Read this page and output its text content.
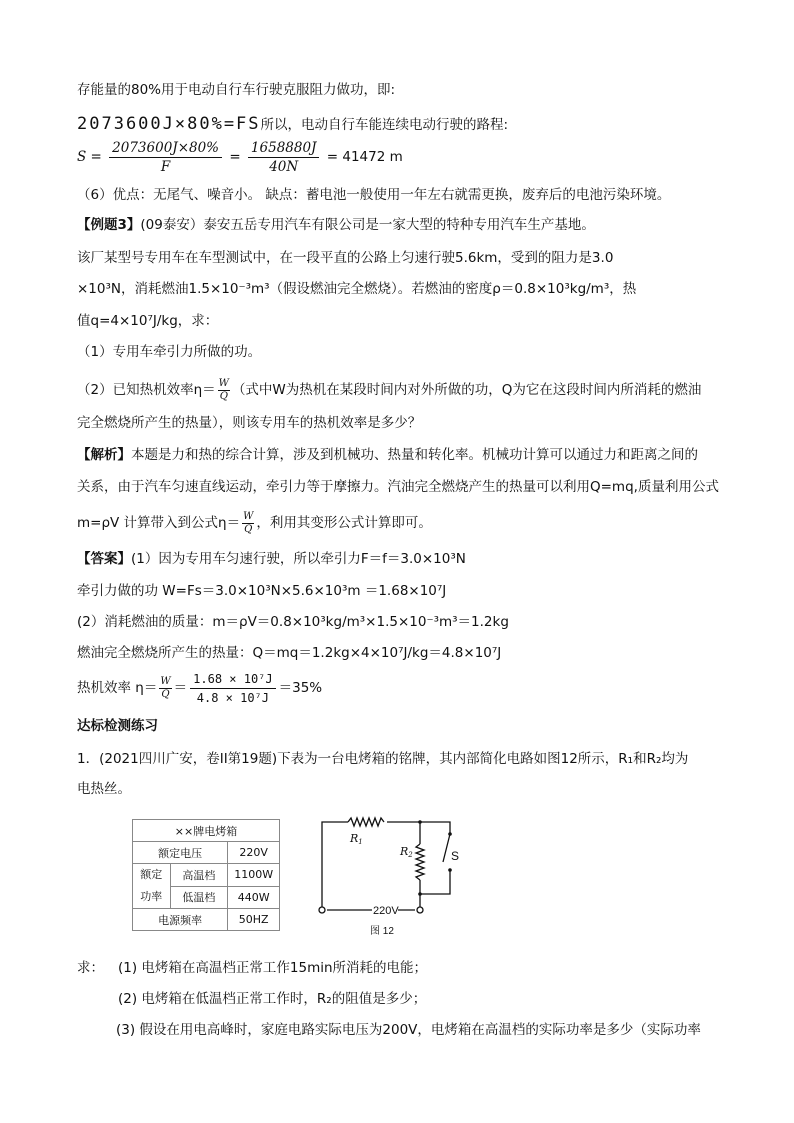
存能量的80%用于电动自行车行驶克服阻力做功，即:
2073600J×80%=FS所以，电动自行车能连续电动行驶的路程:
$S = \frac{2073600J\times 80\%}{F} = \frac{1658880J}{40N} = 41472$ m
（6）优点：无尾气、噪音小。 缺点：蓄电池一般使用一年左右就需更换，废弃后的电池污染环境。
【例题3】(09泰安）泰安五岳专用汽车有限公司是一家大型的特种专用汽车生产基地。
该厂某型号专用车在车型测试中，在一段平直的公路上匀速行驶5.6km，受到的阻力是3.0
×10³N，消耗燃油1.5×10⁻³m³（假设燃油完全燃烧）。若燃油的密度ρ＝0.8×10³kg/m³，热
值q=4×10⁷J/kg，求：
（1）专用车牵引力所做的功。
（2）已知热机效率$\eta= \frac{W}{Q}$ （式中W为热机在某段时间内对外所做的功，Q为它在这段时间内所消耗的燃油
完全燃烧所产生的热量），则该专用车的热机效率是多少？
【解析】本题是力和热的综合计算，涉及到机械功、热量和转化率。机械功计算可以通过力和距离之间的
关系，由于汽车匀速直线运动，牵引力等于摩擦力。汽油完全燃烧产生的热量可以利用Q=mq,质量利用公式
m=ρV 计算带入到公式$\eta= \frac{W}{Q}$ ，利用其变形公式计算即可。
【答案】(1）因为专用车匀速行驶，所以牵引力F＝f＝3.0×10³N
牵引力做的功 W=Fs＝3.0×10³N×5.6×10³m ＝1.68×10⁷J
(2）消耗燃油的质量：m＝ρV＝0.8×10³kg/m³×1.5×10⁻³m³＝1.2kg
燃油完全燃烧所产生的热量：Q＝mq＝1.2kg×4×10⁷J/kg＝4.8×10⁷J
热机效率 $\eta= \frac{W}{Q} = \frac{\text{1.68 × 10⁷J}}{\text{4.8 × 10⁷J}} =35\%$
达标检测练习
1．(2021四川广安，卷II第19题)下表为一台电烤箱的铭牌，其内部简化电路如图12所示，R₁和R₂均为
电热丝。
××牌电烤箱		
额定电压		220V
额定功率	高温档	1100W
	低温档	440W
电源频率		50HZ
R1
R2	S
220V
图 12
求： (1) 电烤箱在高温档正常工作15min所消耗的电能；
(2) 电烤箱在低温档正常工作时，R₂的阻值是多少；
(3) 假设在用电高峰时，家庭电路实际电压为200V，电烤箱在高温档的实际功率是多少（实际功率
